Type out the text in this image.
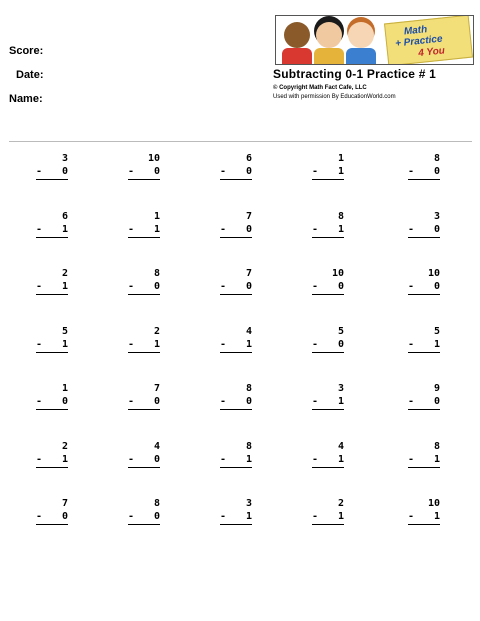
Score:
Date:
Name:
Math
+ Practice
4 You
Subtracting 0-1 Practice # 1
© Copyright Math Fact Cafe, LLC
Used with permission By EducationWorld.com
3
- 0
10
- 0
6
- 0
1
- 1
8
- 0
6
- 1
1
- 1
7
- 0
8
- 1
3
- 0
2
- 1
8
- 0
7
- 0
10
- 0
10
- 0
5
- 1
2
- 1
4
- 1
5
- 0
5
- 1
1
- 0
7
- 0
8
- 0
3
- 1
9
- 0
2
- 1
4
- 0
8
- 1
4
- 1
8
- 1
7
- 0
8
- 0
3
- 1
2
- 1
10
- 1
